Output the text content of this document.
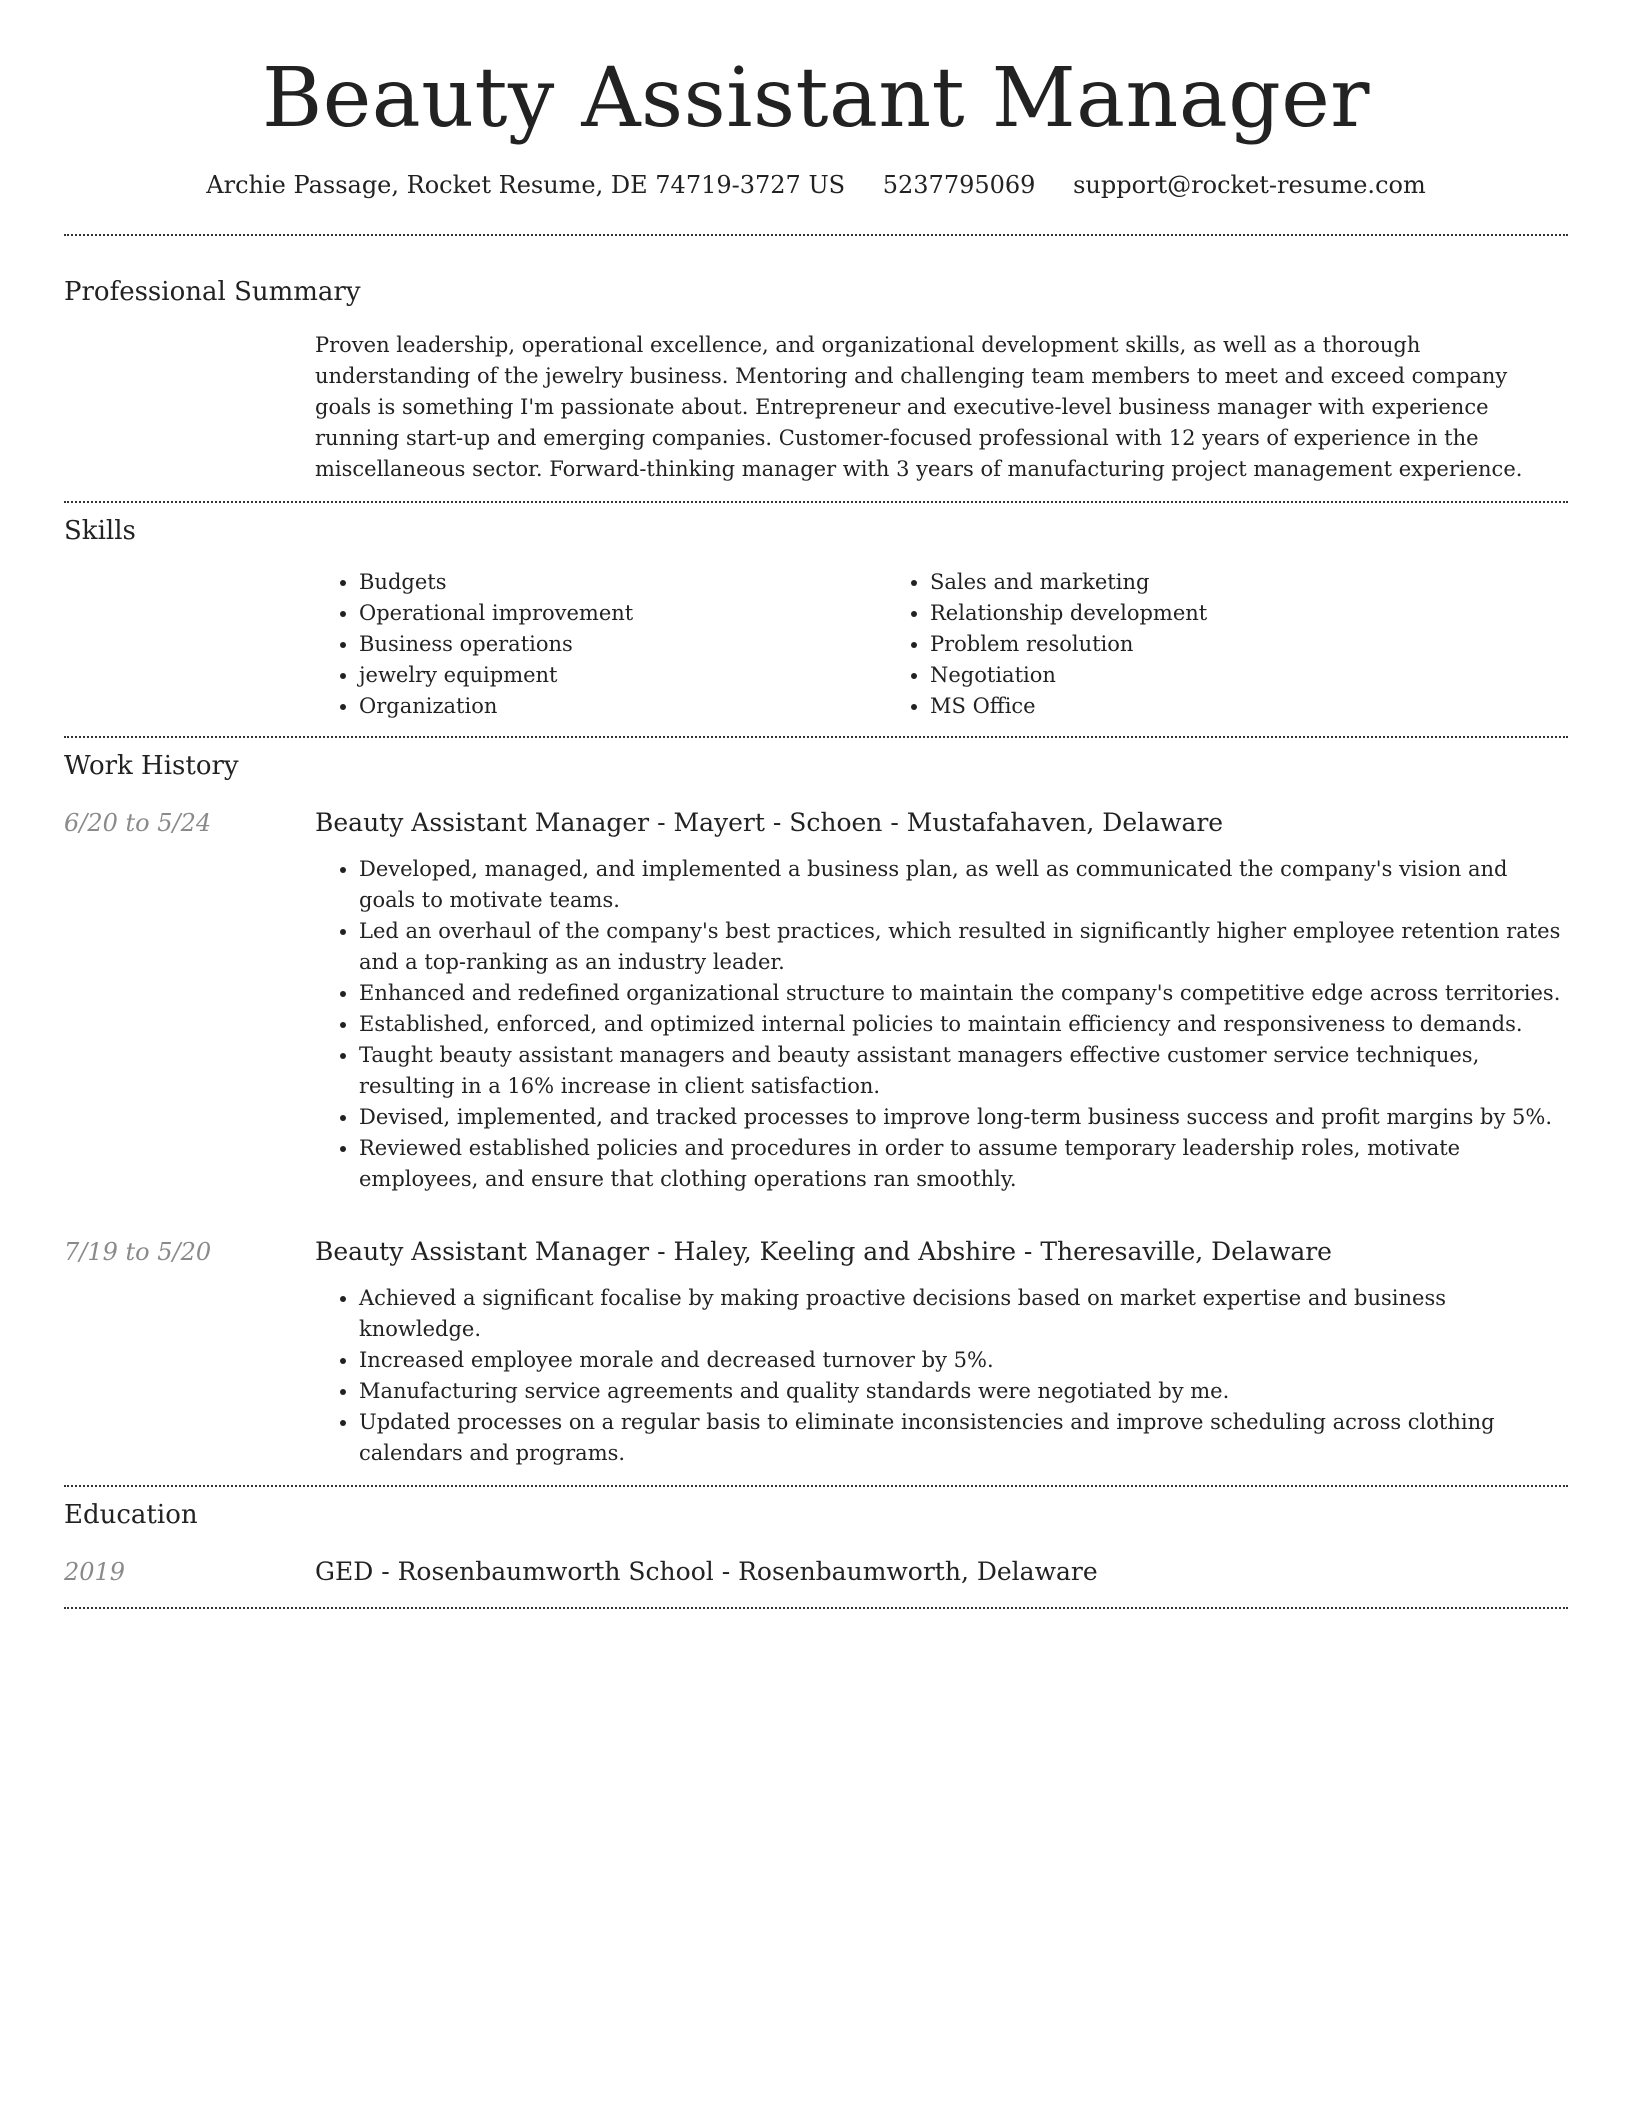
Beauty Assistant Manager
Archie Passage, Rocket Resume, DE 74719-3727 US 5237795069 support@rocket-resume.com
Professional Summary

Proven leadership, operational excellence, and organizational development skills, as well as a thorough understanding of the jewelry business. Mentoring and challenging team members to meet and exceed company goals is something I'm passionate about. Entrepreneur and executive-level business manager with experience running start-up and emerging companies. Customer-focused professional with 12 years of experience in the miscellaneous sector. Forward-thinking manager with 3 years of manufacturing project management experience.

Skills
• Budgets
• Operational improvement
• Business operations
• jewelry equipment
• Organization
• Sales and marketing
• Relationship development
• Problem resolution
• Negotiation
• MS Office
Work History
6/20 to 5/24	Beauty Assistant Manager - Mayert - Schoen - Mustafahaven, Delaware
• Developed, managed, and implemented a business plan, as well as communicated the company's vision and goals to motivate teams.
• Led an overhaul of the company's best practices, which resulted in significantly higher employee retention rates and a top-ranking as an industry leader.
• Enhanced and redefined organizational structure to maintain the company's competitive edge across territories.
• Established, enforced, and optimized internal policies to maintain efficiency and responsiveness to demands.
• Taught beauty assistant managers and beauty assistant managers effective customer service techniques, resulting in a 16% increase in client satisfaction.
• Devised, implemented, and tracked processes to improve long-term business success and profit margins by 5%.
• Reviewed established policies and procedures in order to assume temporary leadership roles, motivate employees, and ensure that clothing operations ran smoothly.
7/19 to 5/20	Beauty Assistant Manager - Haley, Keeling and Abshire - Theresaville, Delaware
• Achieved a significant focalise by making proactive decisions based on market expertise and business knowledge.
• Increased employee morale and decreased turnover by 5%.
• Manufacturing service agreements and quality standards were negotiated by me.
• Updated processes on a regular basis to eliminate inconsistencies and improve scheduling across clothing calendars and programs.
Education
2019	GED - Rosenbaumworth School - Rosenbaumworth, Delaware
